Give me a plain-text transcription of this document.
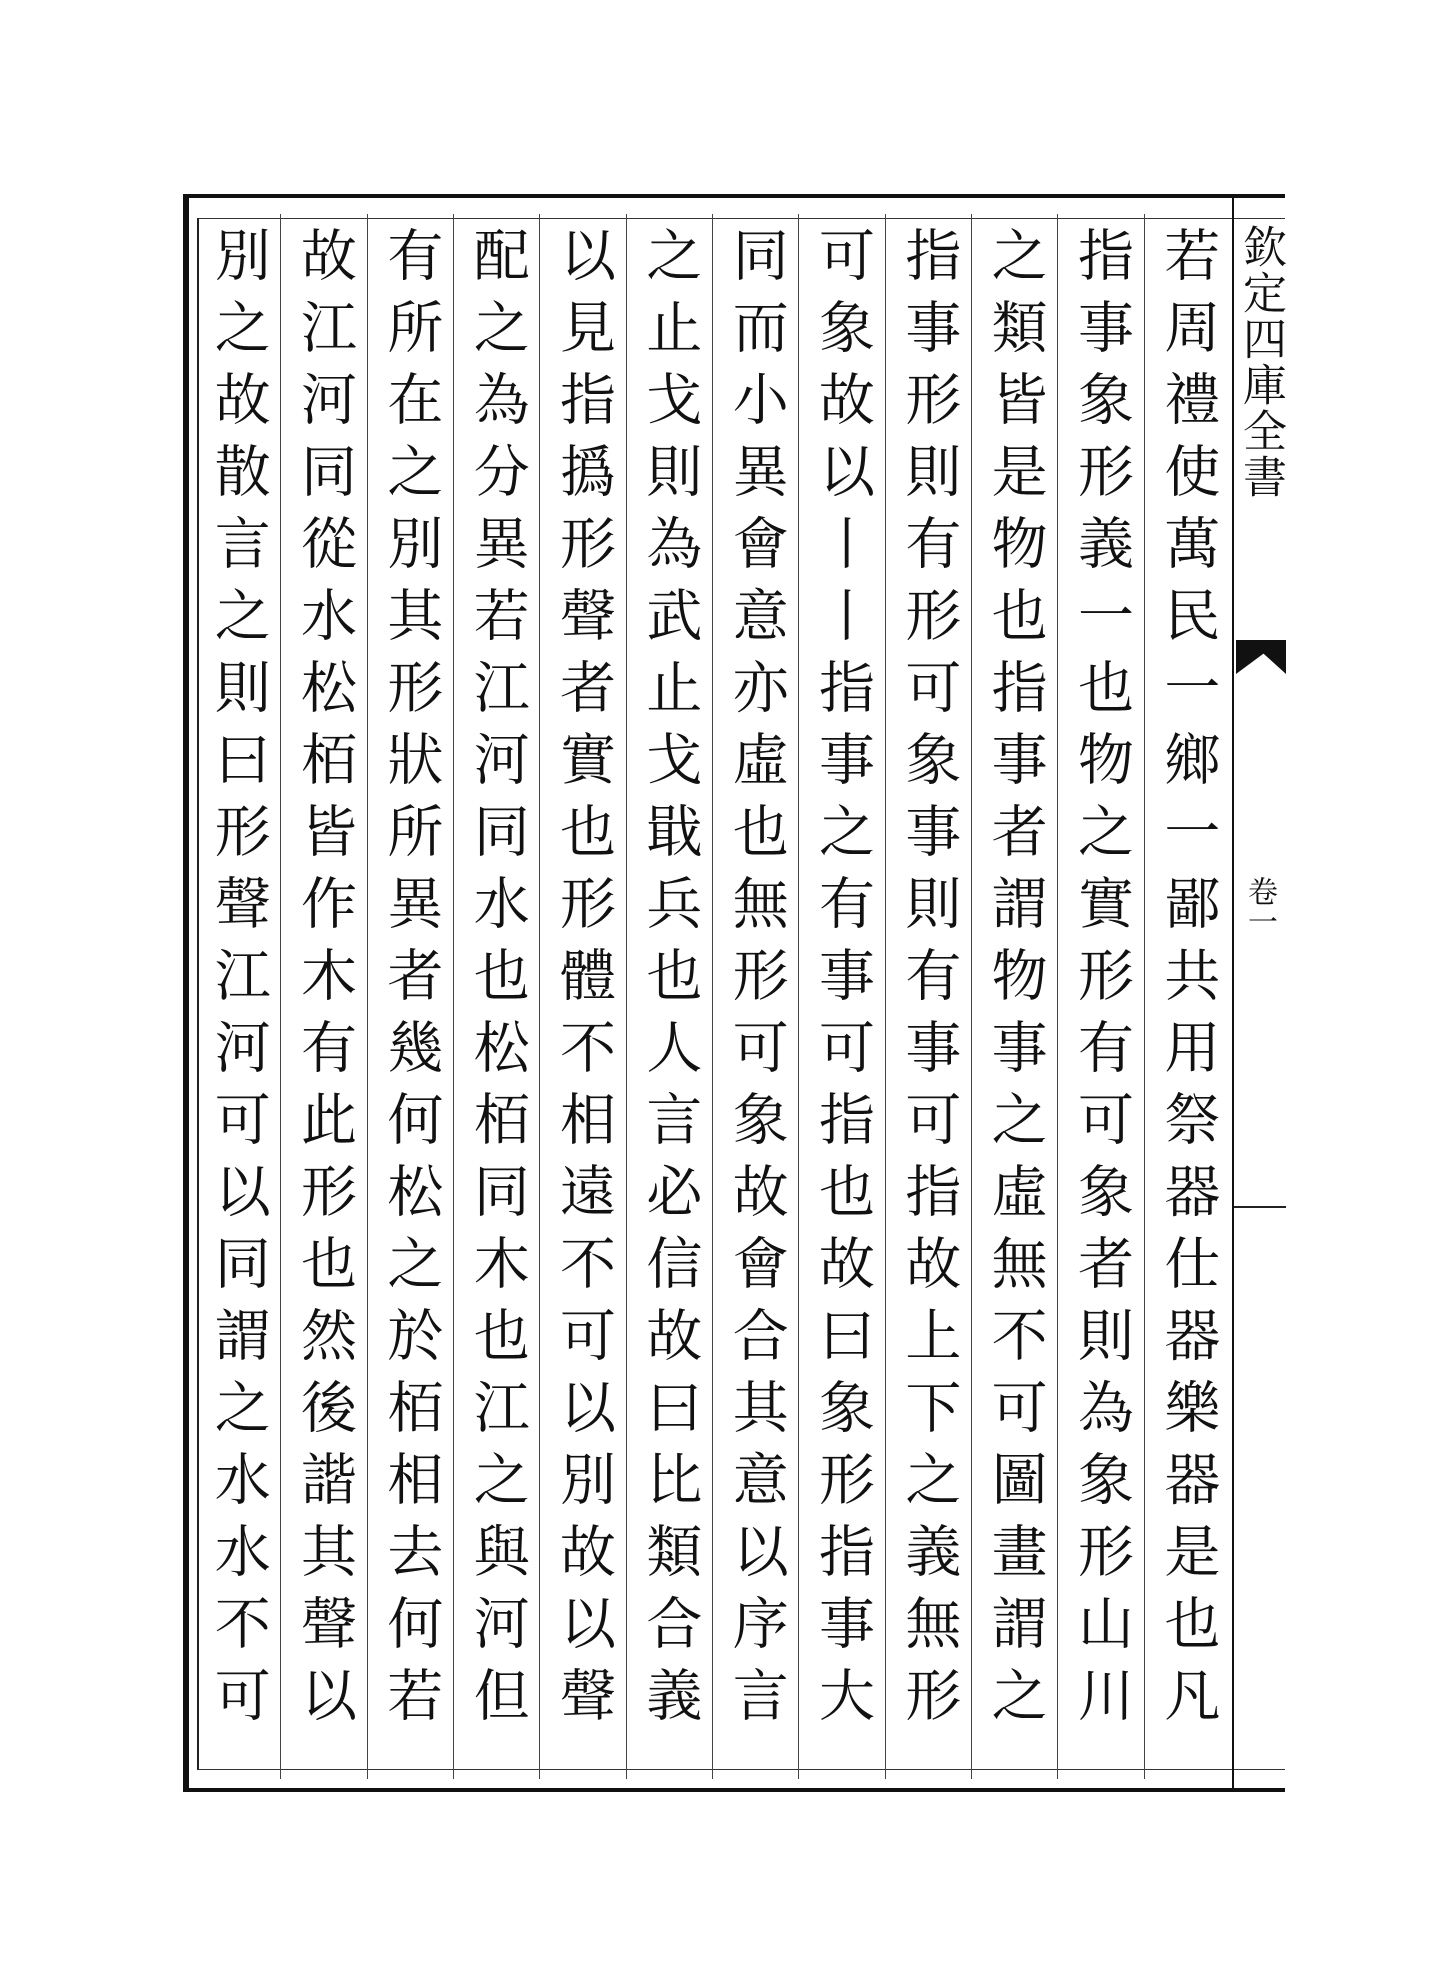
欽定四庫全書
卷一
若周禮使萬民一鄉一鄙共用祭器仕器樂器是也凡
指事象形義一也物之實形有可象者則為象形山川
之類皆是物也指事者謂物事之虛無不可圖畫謂之
指事形則有形可象事則有事可指故上下之義無形
可象故以丨丨指事之有事可指也故曰象形指事大
同而小異會意亦虛也無形可象故會合其意以序言
之止戈則為武止戈戢兵也人言必信故曰比類合義
以見指撝形聲者實也形體不相遠不可以別故以聲
配之為分異若江河同水也松栢同木也江之與河但
有所在之別其形狀所異者幾何松之於栢相去何若
故江河同從水松栢皆作木有此形也然後諧其聲以
別之故散言之則曰形聲江河可以同謂之水水不可
